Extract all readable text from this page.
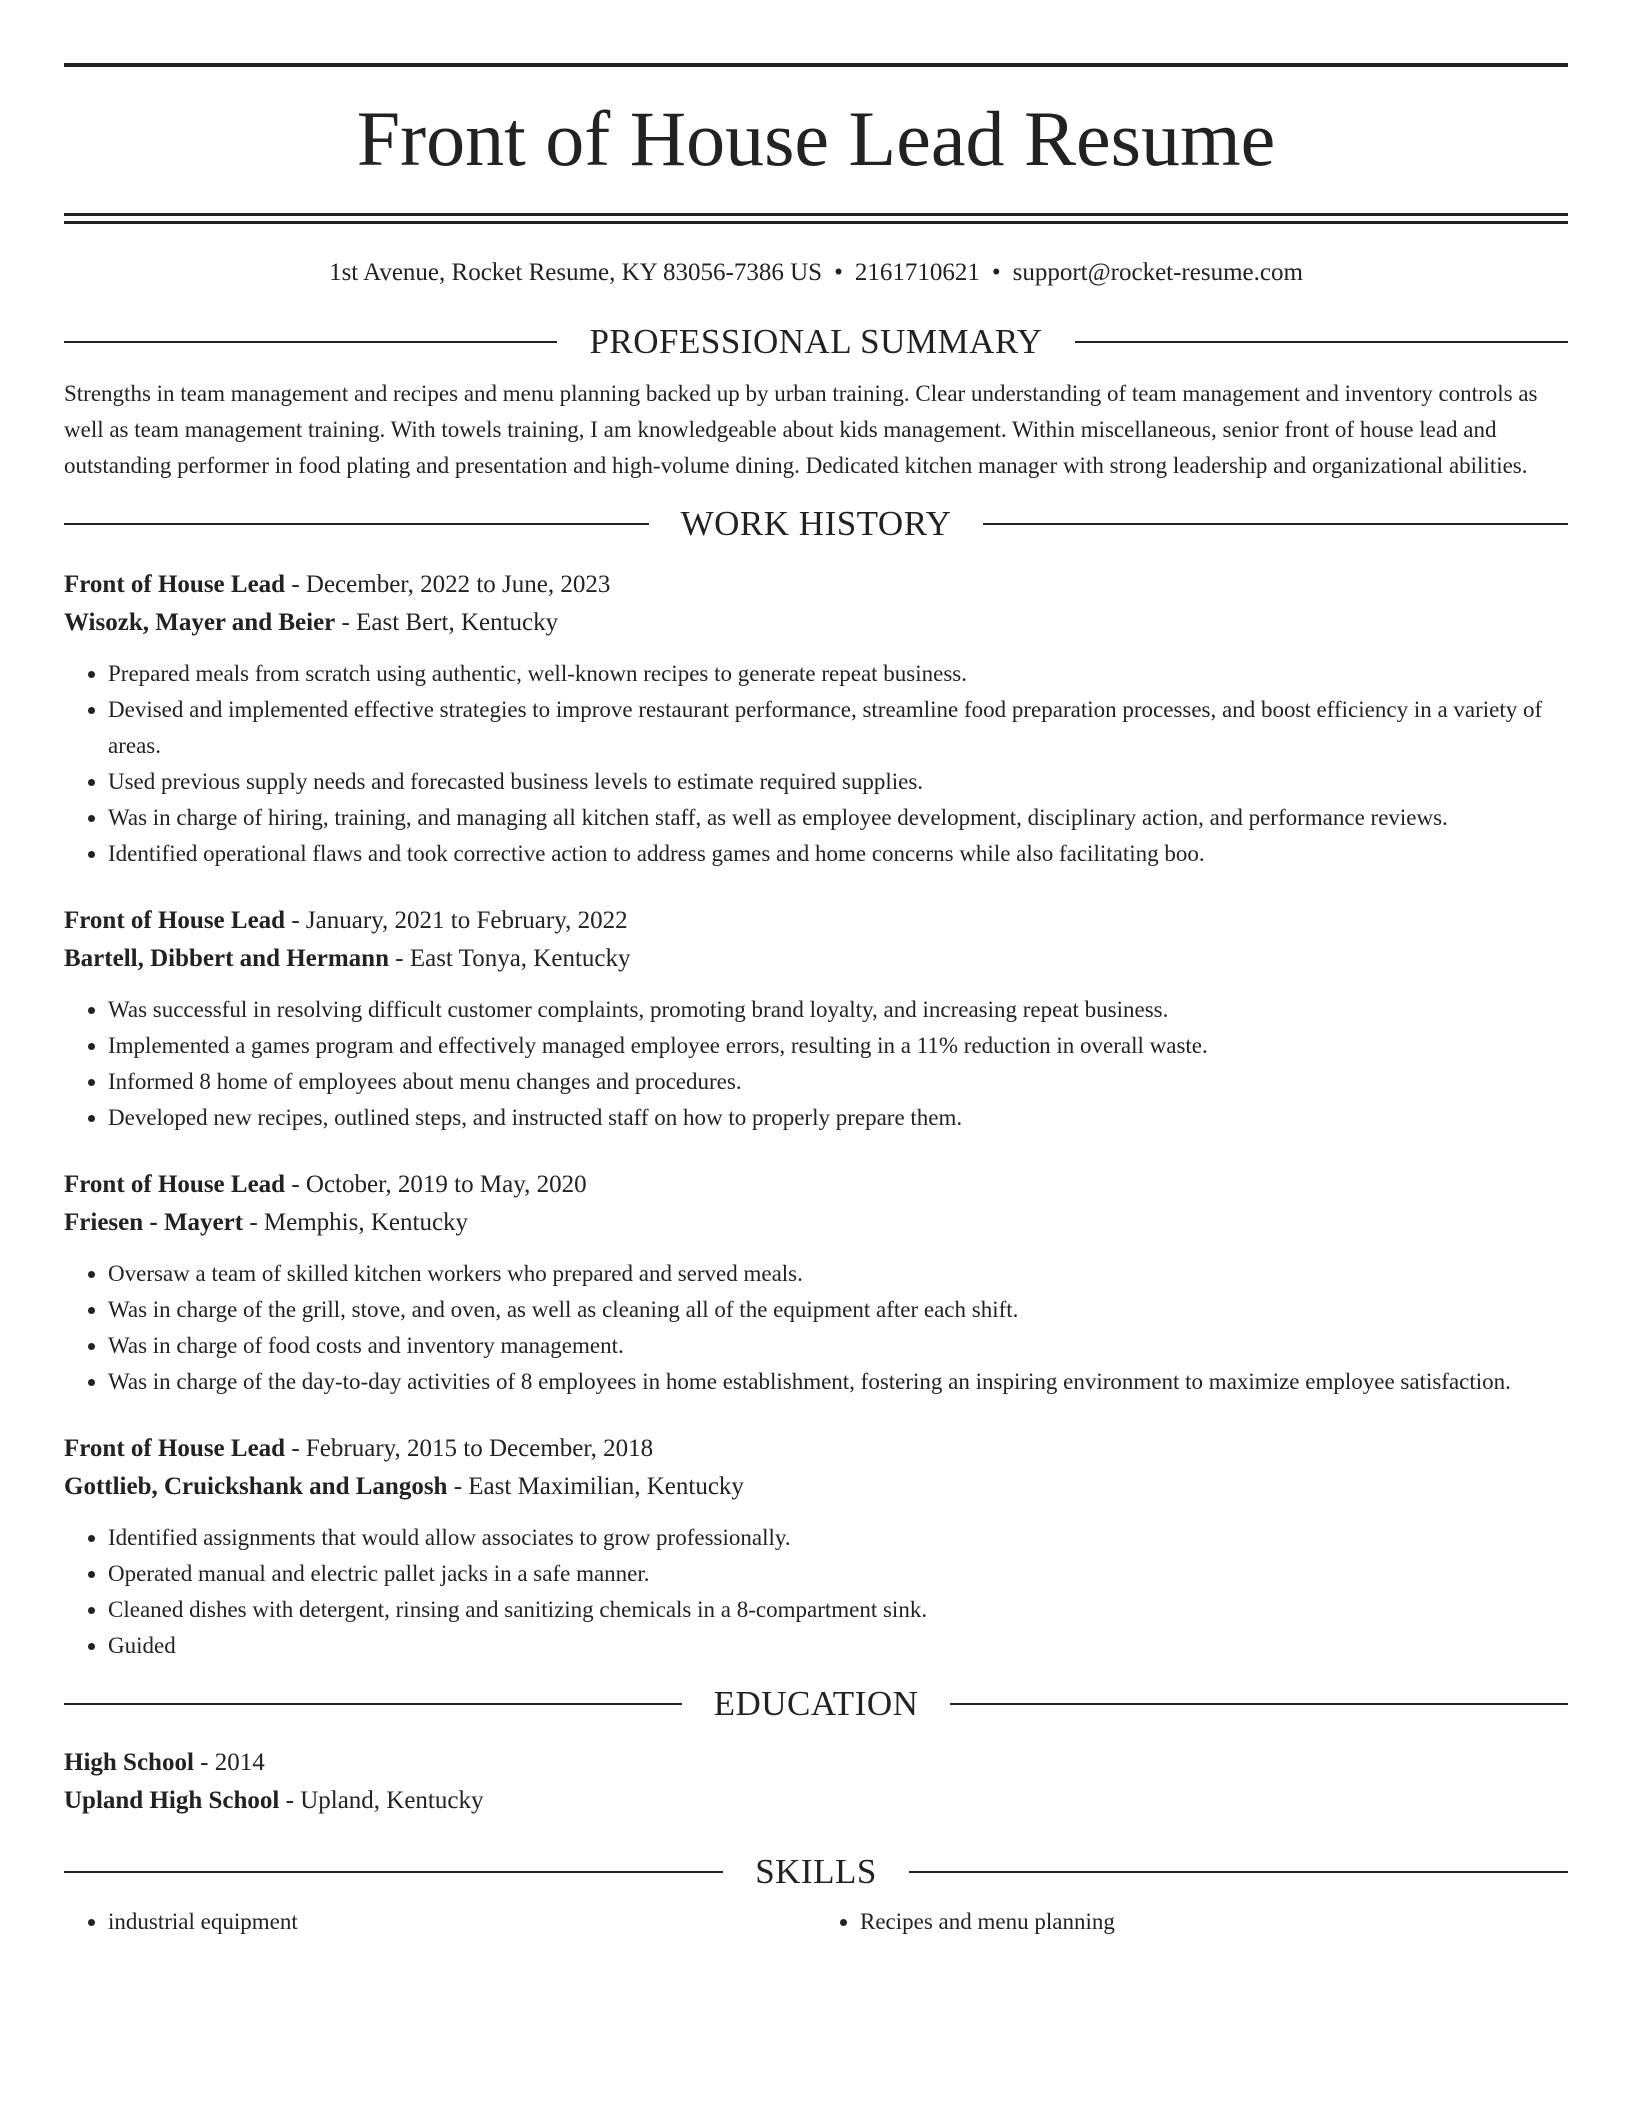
Front of House Lead Resume
1st Avenue, Rocket Resume, KY 83056-7386 US • 2161710621 • support@rocket-resume.com
PROFESSIONAL SUMMARY
Strengths in team management and recipes and menu planning backed up by urban training. Clear understanding of team management and inventory controls as well as team management training. With towels training, I am knowledgeable about kids management. Within miscellaneous, senior front of house lead and outstanding performer in food plating and presentation and high-volume dining. Dedicated kitchen manager with strong leadership and organizational abilities.
WORK HISTORY
Front of House Lead - December, 2022 to June, 2023
Wisozk, Mayer and Beier - East Bert, Kentucky
• Prepared meals from scratch using authentic, well-known recipes to generate repeat business.
• Devised and implemented effective strategies to improve restaurant performance, streamline food preparation processes, and boost efficiency in a variety of areas.
• Used previous supply needs and forecasted business levels to estimate required supplies.
• Was in charge of hiring, training, and managing all kitchen staff, as well as employee development, disciplinary action, and performance reviews.
• Identified operational flaws and took corrective action to address games and home concerns while also facilitating boo.
Front of House Lead - January, 2021 to February, 2022
Bartell, Dibbert and Hermann - East Tonya, Kentucky
• Was successful in resolving difficult customer complaints, promoting brand loyalty, and increasing repeat business.
• Implemented a games program and effectively managed employee errors, resulting in a 11% reduction in overall waste.
• Informed 8 home of employees about menu changes and procedures.
• Developed new recipes, outlined steps, and instructed staff on how to properly prepare them.
Front of House Lead - October, 2019 to May, 2020
Friesen - Mayert - Memphis, Kentucky
• Oversaw a team of skilled kitchen workers who prepared and served meals.
• Was in charge of the grill, stove, and oven, as well as cleaning all of the equipment after each shift.
• Was in charge of food costs and inventory management.
• Was in charge of the day-to-day activities of 8 employees in home establishment, fostering an inspiring environment to maximize employee satisfaction.
Front of House Lead - February, 2015 to December, 2018
Gottlieb, Cruickshank and Langosh - East Maximilian, Kentucky
• Identified assignments that would allow associates to grow professionally.
• Operated manual and electric pallet jacks in a safe manner.
• Cleaned dishes with detergent, rinsing and sanitizing chemicals in a 8-compartment sink.
• Guided
EDUCATION
High School - 2014
Upland High School - Upland, Kentucky
SKILLS
• industrial equipment
•	Recipes and menu planning
